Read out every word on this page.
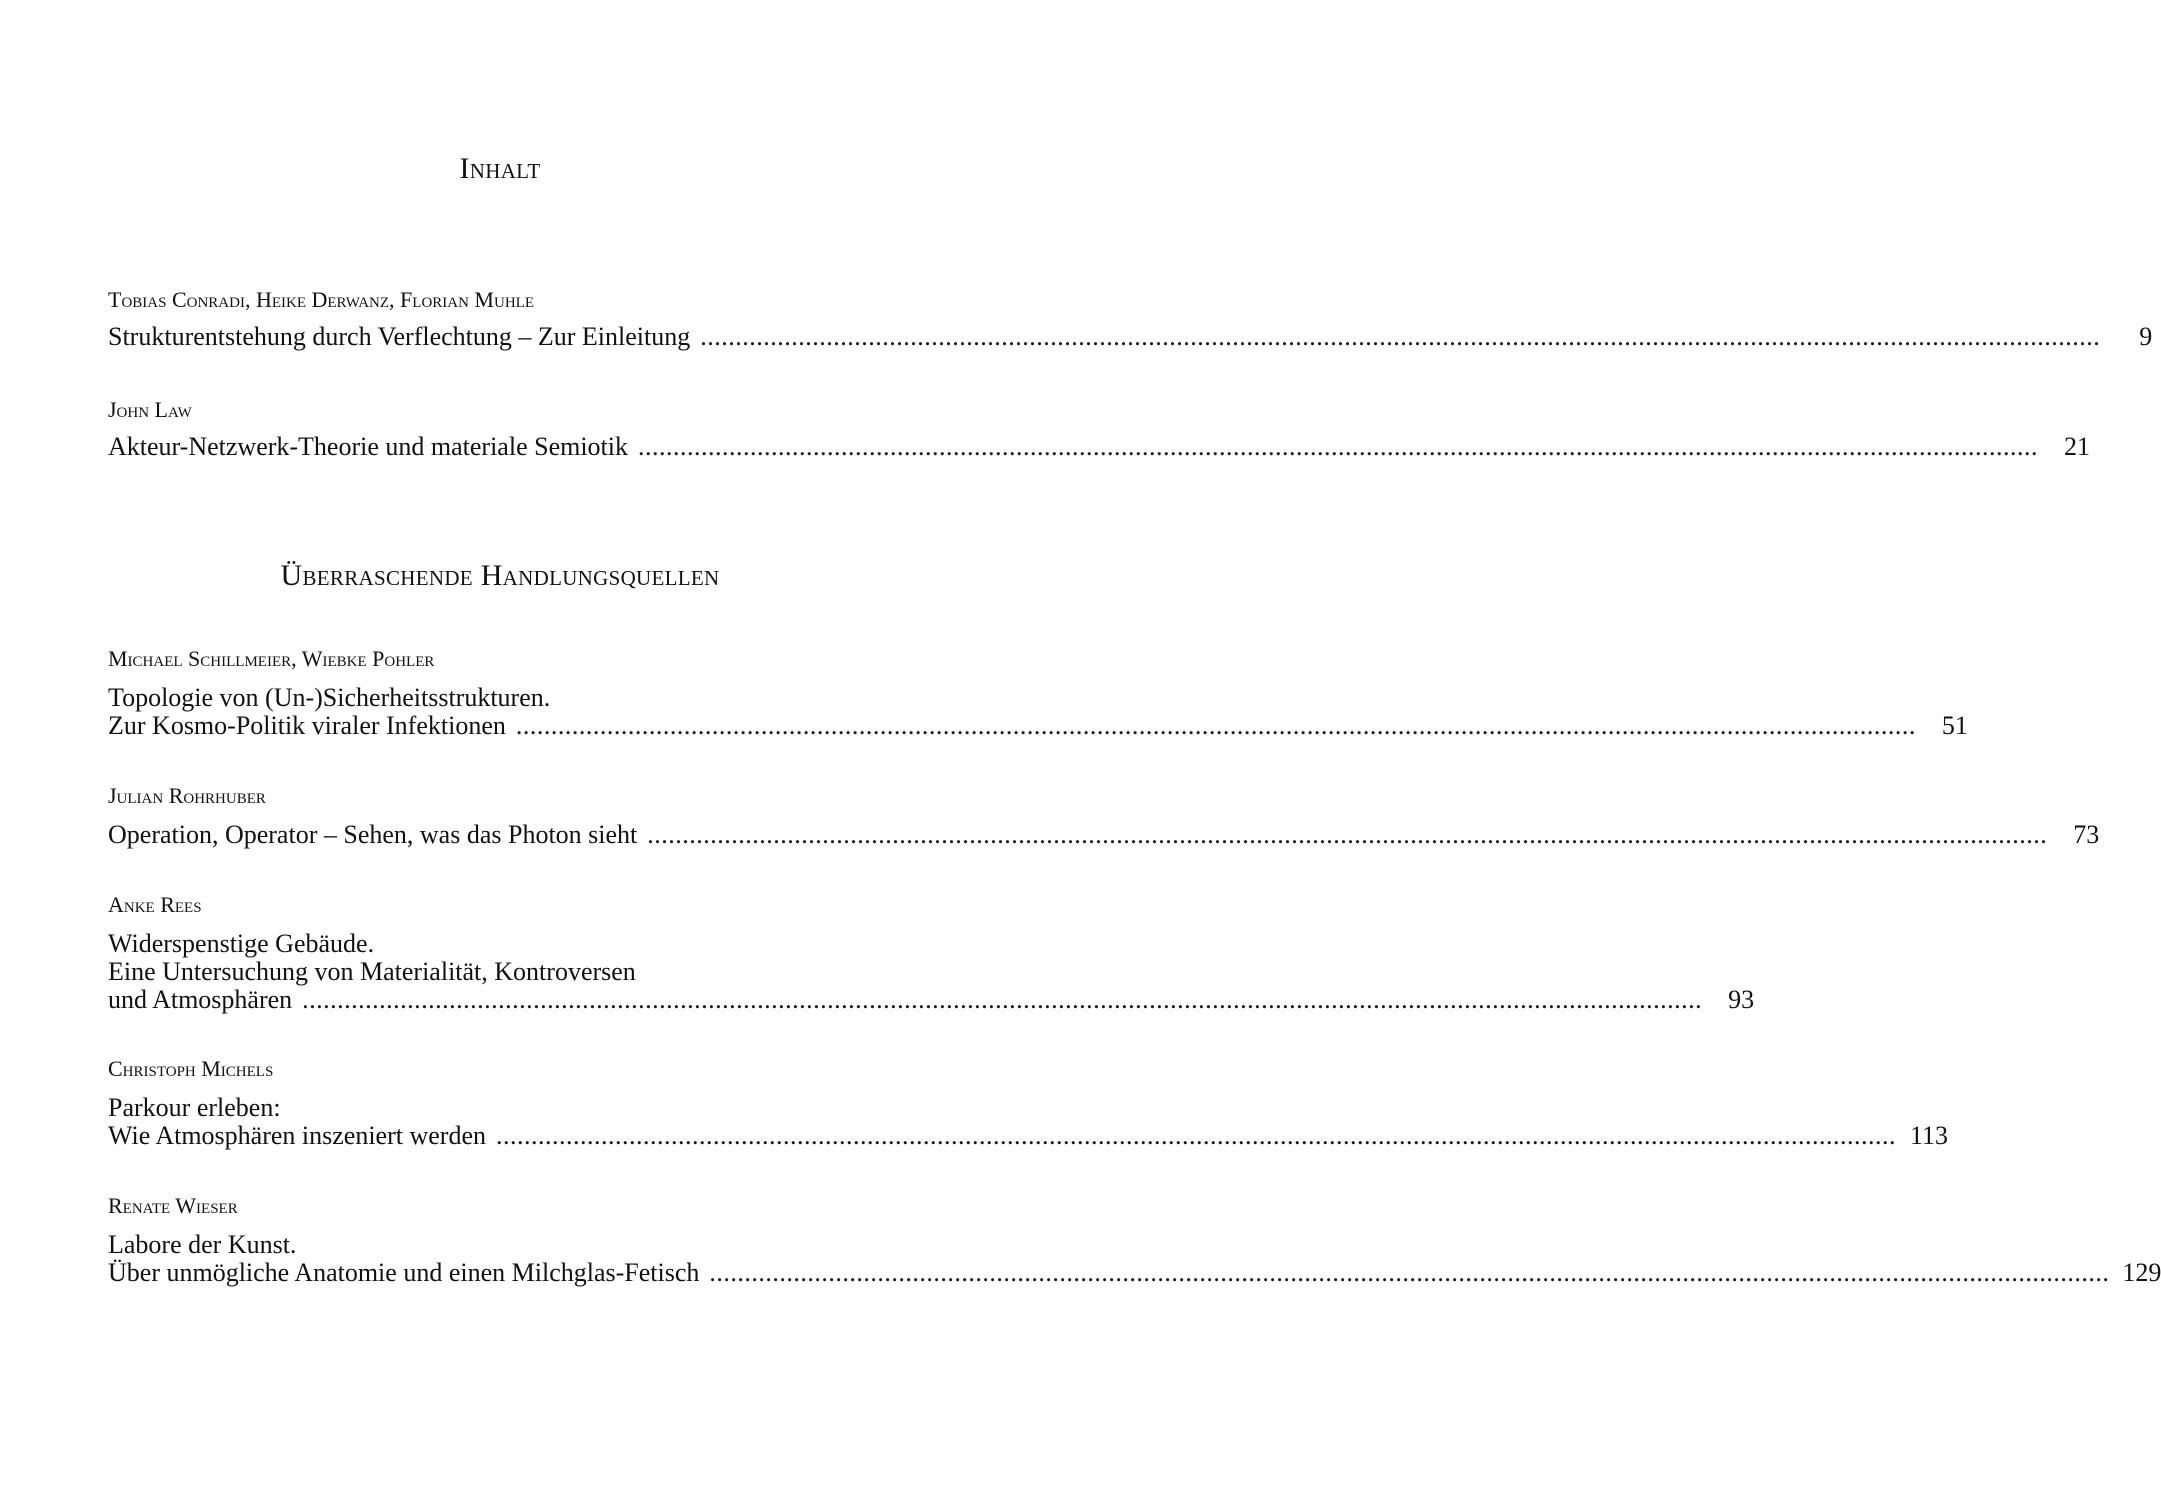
Inhalt
Tobias Conradi, Heike Derwanz, Florian Muhle
Strukturentstehung durch Verflechtung – Zur Einleitung ........................................................................................................................................................................................................	9
John Law
Akteur-Netzwerk-Theorie und materiale Semiotik ........................................................................................................................................................................................................	21
Überraschende Handlungsquellen
Michael Schillmeier, Wiebke Pohler
Topologie von (Un-)Sicherheitsstrukturen.
Zur Kosmo-Politik viraler Infektionen ........................................................................................................................................................................................................	51
Julian Rohrhuber
Operation, Operator – Sehen, was das Photon sieht ........................................................................................................................................................................................................	73
Anke Rees
Widerspenstige Gebäude.
Eine Untersuchung von Materialität, Kontroversen
und Atmosphären ........................................................................................................................................................................................................	93
Christoph Michels
Parkour erleben:
Wie Atmosphären inszeniert werden ........................................................................................................................................................................................................ 113
Renate Wieser
Labore der Kunst.
Über unmögliche Anatomie und einen Milchglas-Fetisch ........................................................................................................................................................................................................ 129
